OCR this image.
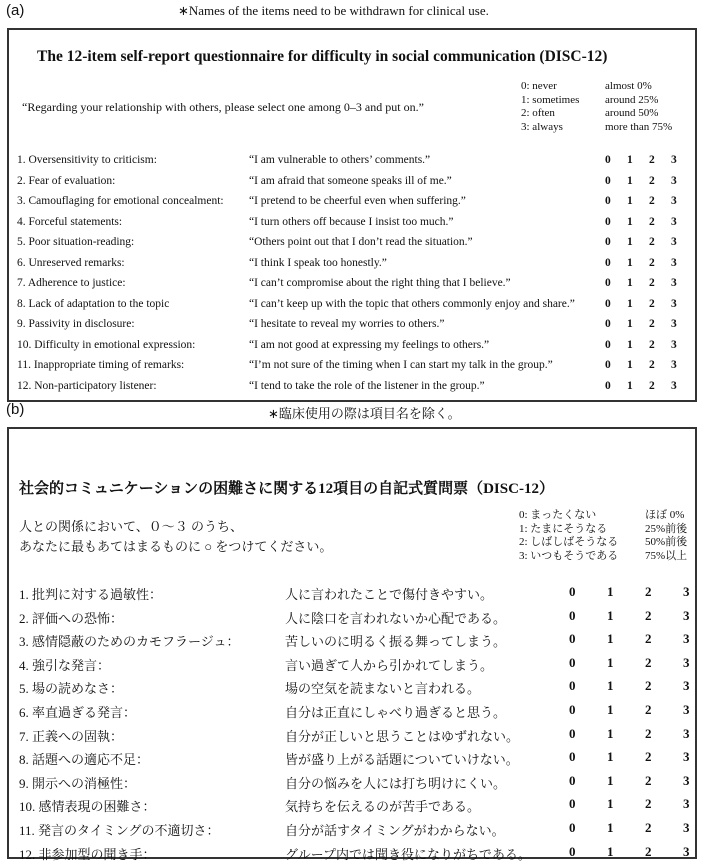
(a)	∗Names of the items need to be withdrawn for clinical use.
The 12-item self-report questionnaire for difficulty in social communication (DISC-12)
“Regarding your relationship with others, please select one among 0–3 and put on.”
0: never	almost 0%
1: sometimes around 25%
2: often	around 50%
3: always	more than 75%
1. Oversensitivity to criticism:	“I am vulnerable to others’ comments.”	0 1 2 3
2. Fear of evaluation:	“I am afraid that someone speaks ill of me.”	0 1 2 3
3. Camouflaging for emotional concealment: “I pretend to be cheerful even when suffering.”	0 1 2 3
4. Forceful statements:	“I turn others off because I insist too much.”	0 1 2 3
5. Poor situation-reading:	“Others point out that I don’t read the situation.”	0 1 2 3
6. Unreserved remarks:	“I think I speak too honestly.”	0 1 2 3
7. Adherence to justice:	“I can’t compromise about the right thing that I believe.”	0 1 2 3
8. Lack of adaptation to the topic	“I can’t keep up with the topic that others commonly enjoy and share.”	0 1 2 3
9. Passivity in disclosure:	“I hesitate to reveal my worries to others.”	0 1 2 3
10. Difficulty in emotional expression:	“I am not good at expressing my feelings to others.”	0 1 2 3
11. Inappropriate timing of remarks:	“I’m not sure of the timing when I can start my talk in the group.”	0 1 2 3
12. Non-participatory listener:	“I tend to take the role of the listener in the group.”	0 1 2 3
(b)	∗臨床使用の際は項目名を除く。
社会的コミュニケーションの困難さに関する12項目の自記式質問票（DISC-12）
人との関係において、０～３ のうち、
あなたに最もあてはまるものに ○ をつけてください。
0: まったくない	ほぼ 0%
1: たまにそうなる	25%前後
2: しばしばそうなる 50%前後
3: いつもそうである 75%以上
1. 批判に対する過敏性：	人に言われたことで傷付きやすい。	0 1 2 3
2. 評価への恐怖：	人に陰口を言われないか心配である。	0 1 2 3
3. 感情隠蔽のためのカモフラージュ：	苦しいのに明るく振る舞ってしまう。	0 1 2 3
4. 強引な発言：	言い過ぎて人から引かれてしまう。	0 1 2 3
5. 場の読めなさ：	場の空気を読まないと言われる。	0 1 2 3
6. 率直過ぎる発言：	自分は正直にしゃべり過ぎると思う。	0 1 2 3
7. 正義への固執：	自分が正しいと思うことはゆずれない。	0 1 2 3
8. 話題への適応不足：	皆が盛り上がる話題についていけない。	0 1 2 3
9. 開示への消極性：	自分の悩みを人には打ち明けにくい。	0 1 2 3
10. 感情表現の困難さ：	気持ちを伝えるのが苦手である。	0 1 2 3
11. 発言のタイミングの不適切さ：	自分が話すタイミングがわからない。	0 1 2 3
12. 非参加型の聞き手：	グループ内では聞き役になりがちである。	0 1 2 3
